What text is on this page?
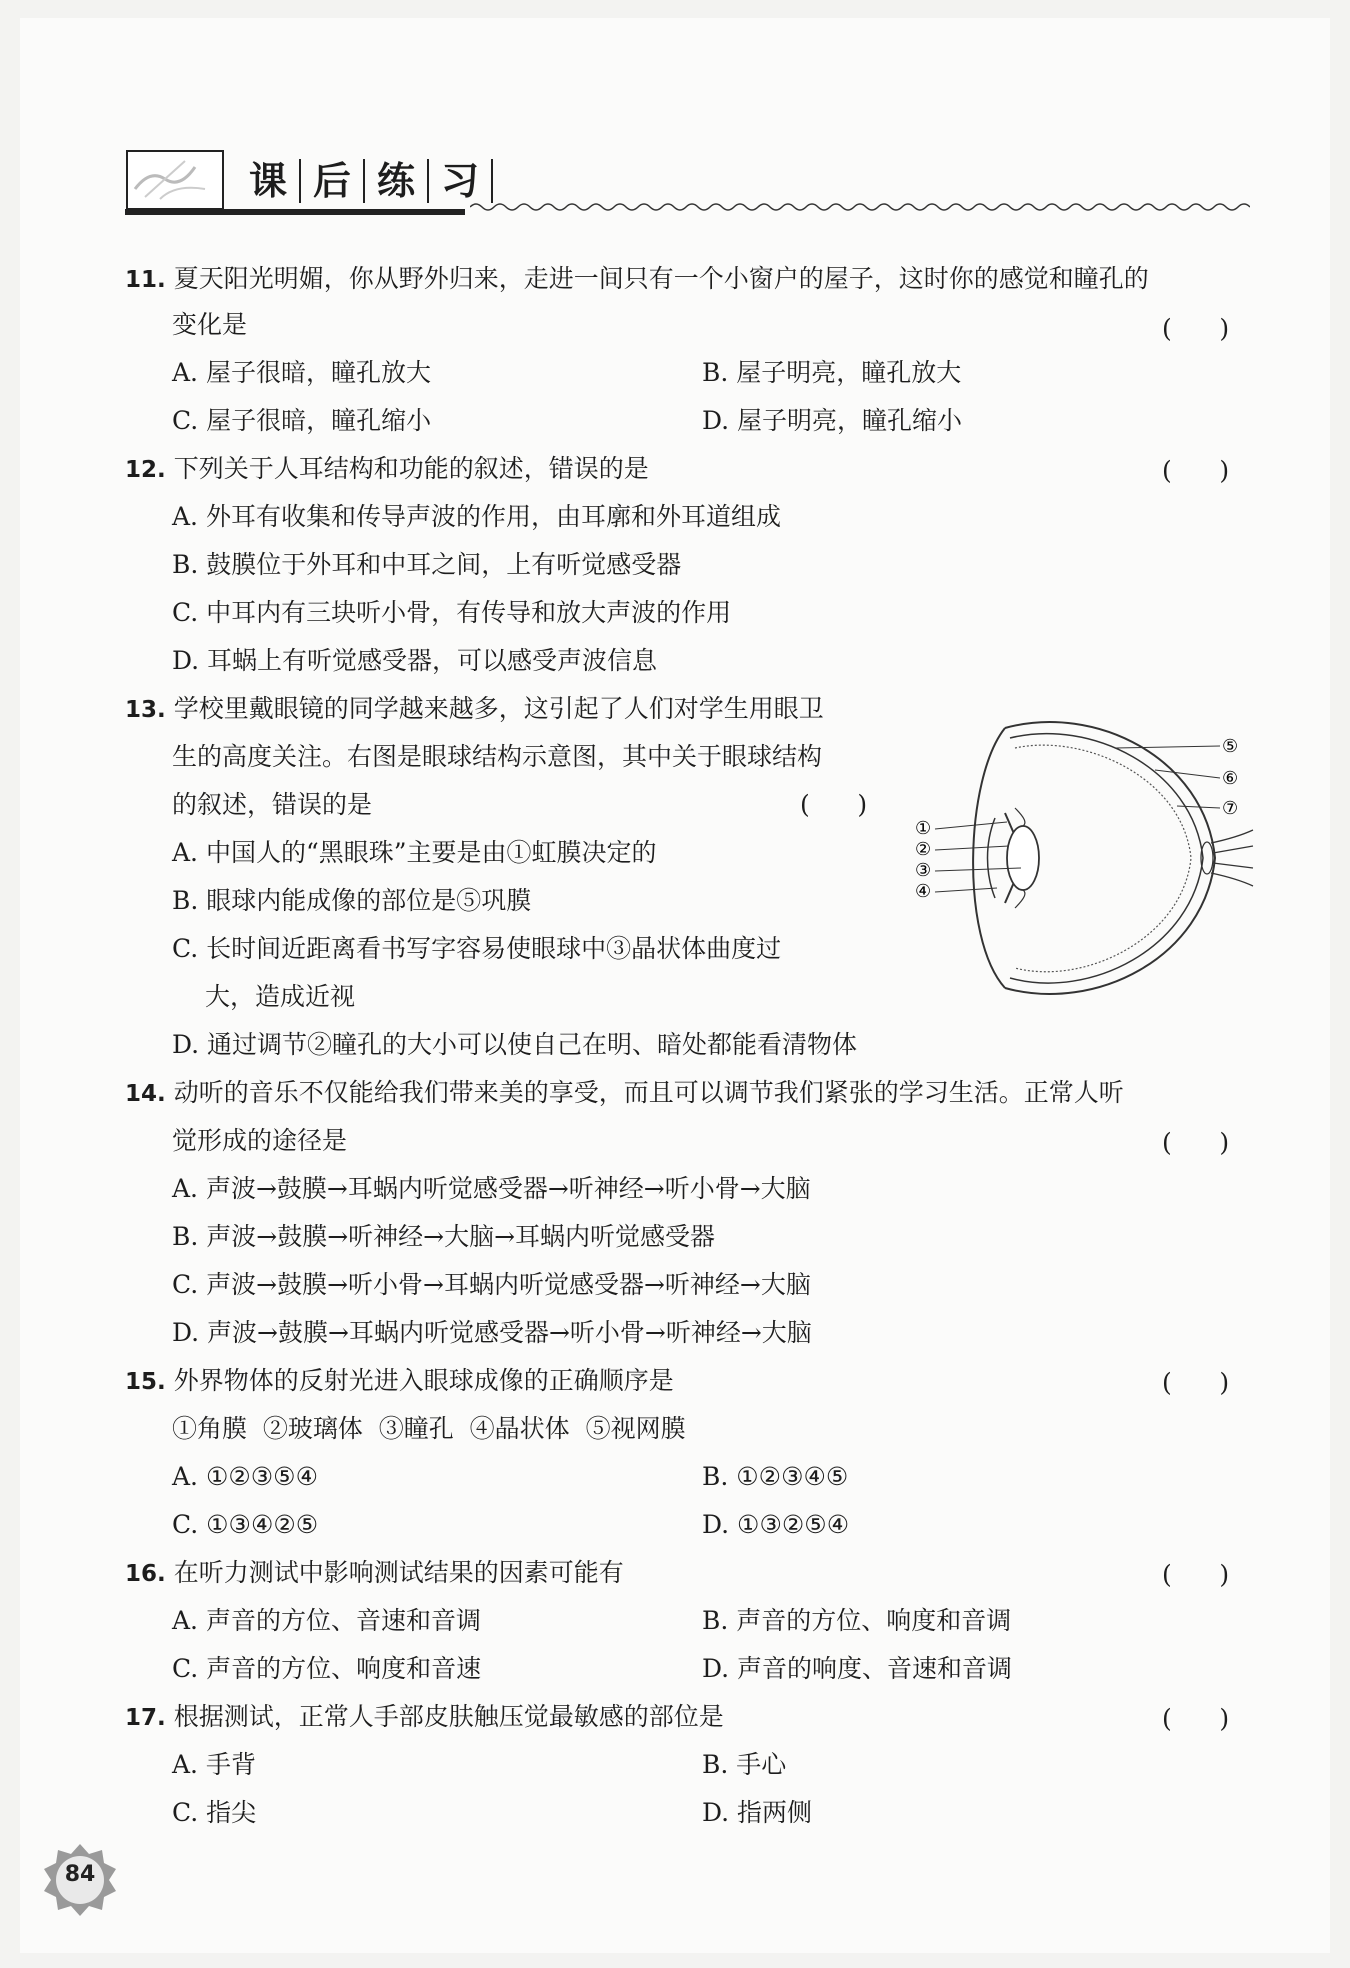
课 后 练 习
11. 夏天阳光明媚，你从野外归来，走进一间只有一个小窗户的屋子，这时你的感觉和瞳孔的
变化是	(      )
A. 屋子很暗，瞳孔放大	B. 屋子明亮，瞳孔放大
C. 屋子很暗，瞳孔缩小	D. 屋子明亮，瞳孔缩小
12. 下列关于人耳结构和功能的叙述，错误的是	(      )
A. 外耳有收集和传导声波的作用，由耳廓和外耳道组成
B. 鼓膜位于外耳和中耳之间，上有听觉感受器
C. 中耳内有三块听小骨，有传导和放大声波的作用
D. 耳蜗上有听觉感受器，可以感受声波信息
13. 学校里戴眼镜的同学越来越多，这引起了人们对学生用眼卫
生的高度关注。右图是眼球结构示意图，其中关于眼球结构
的叙述，错误的是	(      )
A. 中国人的“黑眼珠”主要是由①虹膜决定的
B. 眼球内能成像的部位是⑤巩膜
C. 长时间近距离看书写字容易使眼球中③晶状体曲度过
大，造成近视
D. 通过调节②瞳孔的大小可以使自己在明、暗处都能看清物体
①
②
③
④
⑤
⑥
⑦
14. 动听的音乐不仅能给我们带来美的享受，而且可以调节我们紧张的学习生活。正常人听
觉形成的途径是	(      )
A. 声波→鼓膜→耳蜗内听觉感受器→听神经→听小骨→大脑
B. 声波→鼓膜→听神经→大脑→耳蜗内听觉感受器
C. 声波→鼓膜→听小骨→耳蜗内听觉感受器→听神经→大脑
D. 声波→鼓膜→耳蜗内听觉感受器→听小骨→听神经→大脑
15. 外界物体的反射光进入眼球成像的正确顺序是	(      )
①角膜  ②玻璃体  ③瞳孔  ④晶状体  ⑤视网膜
A. ①②③⑤④	B. ①②③④⑤
C. ①③④②⑤	D. ①③②⑤④
16. 在听力测试中影响测试结果的因素可能有	(      )
A. 声音的方位、音速和音调	B. 声音的方位、响度和音调
C. 声音的方位、响度和音速	D. 声音的响度、音速和音调
17. 根据测试，正常人手部皮肤触压觉最敏感的部位是	(      )
A. 手背	B. 手心
C. 指尖	D. 指两侧
84
